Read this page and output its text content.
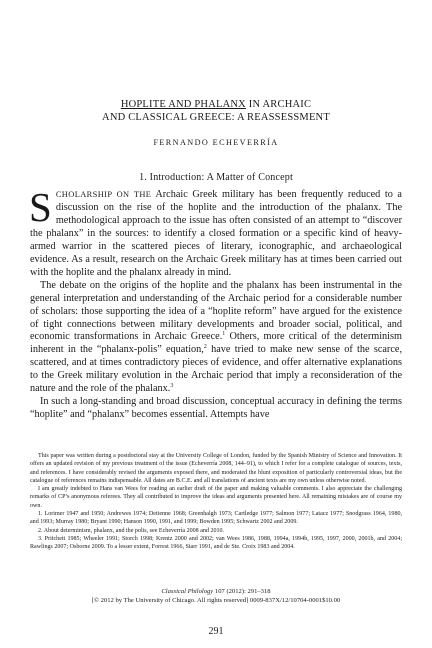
HOPLITE AND PHALANX IN ARCHAIC

AND CLASSICAL GREECE: A REASSESSMENT

FERNANDO ECHEVERRÍA
1. Introduction: A Matter of Concept

SCHOLARSHIP ON THE Archaic Greek military has been frequently reduced to a discussion on the rise of the hoplite and the introduction of the phalanx. The methodological approach to the issue has often consisted of an attempt to “discover the phalanx” in the sources: to identify a closed formation or a specific kind of heavy-armed warrior in the scattered pieces of literary, iconographic, and archaeological evidence. As a result, research on the Archaic Greek military has at times been carried out with the hoplite and the phalanx already in mind.

The debate on the origins of the hoplite and the phalanx has been instrumental in the general interpretation and understanding of the Archaic period for a considerable number of scholars: those supporting the idea of a “hoplite reform” have argued for the existence of tight connections between military developments and broader social, political, and economic transformations in Archaic Greece.$^1$ Others, more critical of the determinism inherent in the “phalanx-polis” equation,$^2$ have tried to make new sense of the scarce, scattered, and at times contradictory pieces of evidence, and offer alternative explanations to the Greek military evolution in the Archaic period that imply a reconsideration of the nature and the role of the phalanx.$^3$

In such a long-standing and broad discussion, conceptual accuracy in defining the terms “hoplite” and “phalanx” becomes essential. Attempts have

This paper was written during a postdoctoral stay at the University College of London, funded by the Spanish Ministry of Science and Innovation. It offers an updated revision of my previous treatment of the issue (Echeverría 2008, 144–91), to which I refer for a complete catalogue of sources, texts, and references. I have considerably revised the arguments exposed there, and moderated the blunt exposition of particularly controversial ideas, but the catalogue of references remains indispensable. All dates are B.C.E. and all translations of ancient texts are my own unless otherwise noted.

I am greatly indebted to Hans van Wees for reading an earlier draft of the paper and making valuable comments. I also appreciate the challenging remarks of CP’s anonymous referees. They all contributed to improve the ideas and arguments presented here. All remaining mistakes are of course my own.

1. Lorimer 1947 and 1950; Andrewes 1974; Detienne 1968; Greenhalgh 1973; Cartledge 1977; Salmon 1977; Latacz 1977; Snodgrass 1964, 1980, and 1993; Murray 1980; Bryant 1990; Hanson 1990, 1991, and 1999; Bowden 1995; Schwartz 2002 and 2009.

2. About determinism, phalanx, and the polis, see Echeverría 2008 and 2010.

3. Pritchett 1985; Wheeler 1991; Storch 1998; Krentz 2000 and 2002; van Wees 1986, 1988, 1994a, 1994b, 1995, 1997, 2000, 2001b, and 2004; Rawlings 2007; Osborne 2009. To a lesser extent, Forrest 1966, Starr 1991, and de Ste. Croix 1983 and 2004.

Classical Philology 107 (2012): 291–318
[© 2012 by The University of Chicago. All rights reserved] 0009-837X/12/10704-0001$10.00
291
